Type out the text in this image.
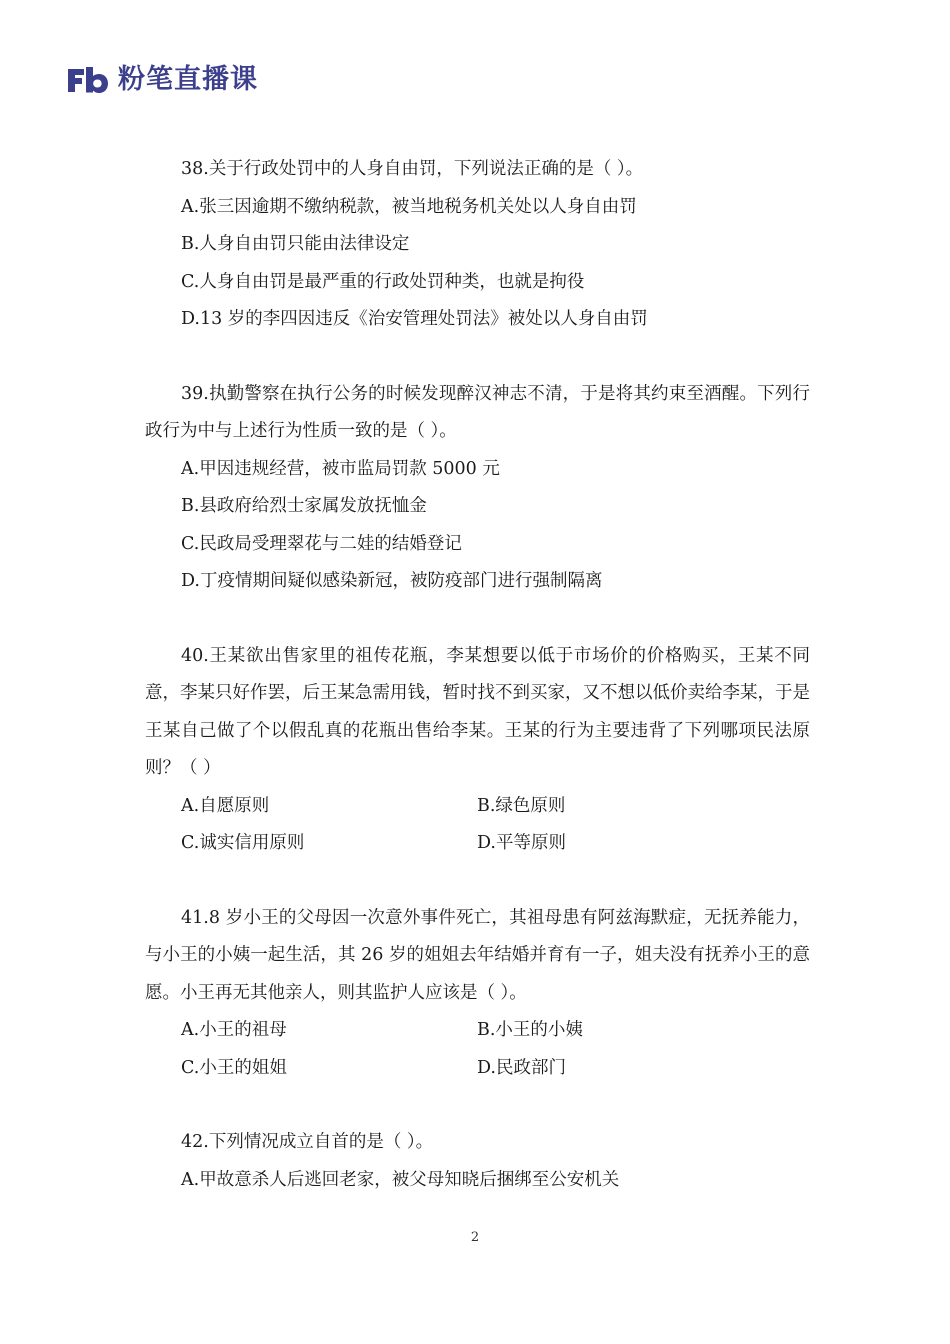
粉笔直播课

38.关于行政处罚中的人身自由罚，下列说法正确的是（ ）。

A.张三因逾期不缴纳税款，被当地税务机关处以人身自由罚

B.人身自由罚只能由法律设定

C.人身自由罚是最严重的行政处罚种类，也就是拘役

D.13 岁的李四因违反《治安管理处罚法》被处以人身自由罚

39.执勤警察在执行公务的时候发现醉汉神志不清，于是将其约束至酒醒。下列行政行为中与上述行为性质一致的是（ ）。

A.甲因违规经营，被市监局罚款 5000 元

B.县政府给烈士家属发放抚恤金

C.民政局受理翠花与二娃的结婚登记

D.丁疫情期间疑似感染新冠，被防疫部门进行强制隔离

40.王某欲出售家里的祖传花瓶，李某想要以低于市场价的价格购买，王某不同意，李某只好作罢，后王某急需用钱，暂时找不到买家，又不想以低价卖给李某，于是王某自己做了个以假乱真的花瓶出售给李某。王某的行为主要违背了下列哪项民法原则？（ ）

A.自愿原则	B.绿色原则
C.诚实信用原则	D.平等原则

41.8 岁小王的父母因一次意外事件死亡，其祖母患有阿兹海默症，无抚养能力，与小王的小姨一起生活，其 26 岁的姐姐去年结婚并育有一子，姐夫没有抚养小王的意愿。小王再无其他亲人，则其监护人应该是（ ）。

A.小王的祖母	B.小王的小姨
C.小王的姐姐	D.民政部门

42.下列情况成立自首的是（ ）。

A.甲故意杀人后逃回老家，被父母知晓后捆绑至公安机关

2
